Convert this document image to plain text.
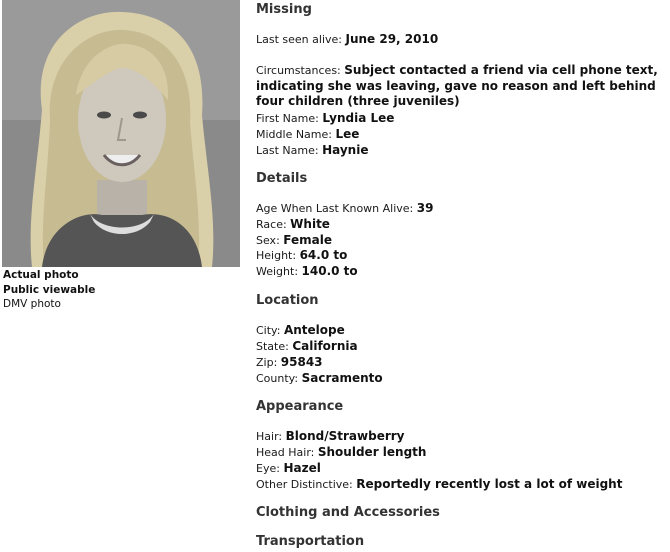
Actual photo
Public viewable
DMV photo
Missing
Last seen alive: June 29, 2010
Circumstances: Subject contacted a friend via cell phone text, indicating she was leaving, gave no reason and left behind four children (three juveniles)
First Name: Lyndia Lee
Middle Name: Lee
Last Name: Haynie
Details
Age When Last Known Alive: 39
Race: White
Sex: Female
Height: 64.0 to
Weight: 140.0 to
Location
City: Antelope
State: California
Zip: 95843
County: Sacramento
Appearance
Hair: Blond/Strawberry
Head Hair: Shoulder length
Eye: Hazel
Other Distinctive: Reportedly recently lost a lot of weight
Clothing and Accessories
Transportation
